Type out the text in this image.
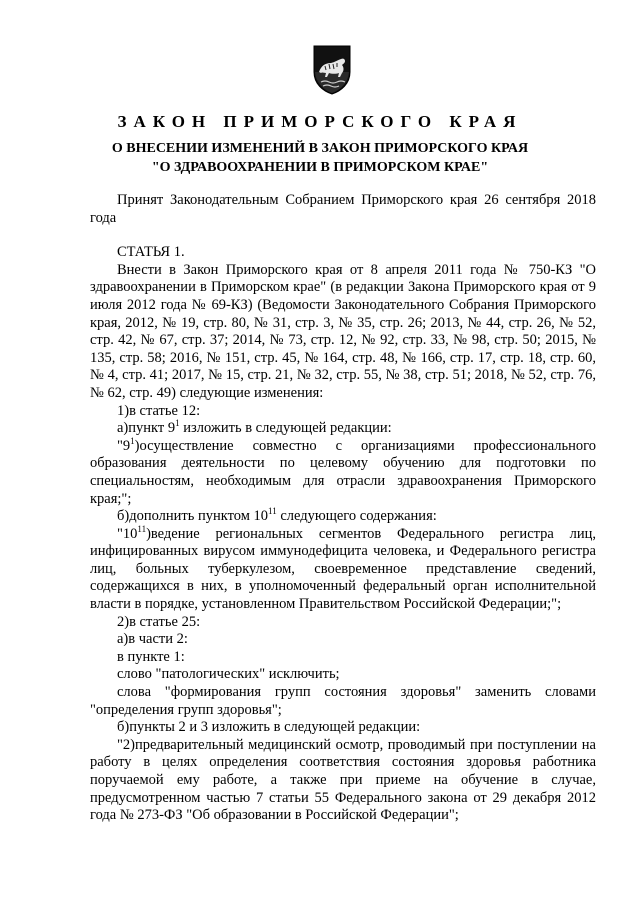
ЗАКОН ПРИМОРСКОГО КРАЯ
О ВНЕСЕНИИ ИЗМЕНЕНИЙ В ЗАКОН ПРИМОРСКОГО КРАЯ
"О ЗДРАВООХРАНЕНИИ В ПРИМОРСКОМ КРАЕ"

Принят Законодательным Собранием Приморского края 26 сентября 2018 года

СТАТЬЯ 1.

Внести в Закон Приморского края от 8 апреля 2011 года № 750-КЗ "О здравоохранении в Приморском крае" (в редакции Закона Приморского края от 9 июля 2012 года № 69-КЗ) (Ведомости Законодательного Собрания Приморского края, 2012, № 19, стр. 80, № 31, стр. 3, № 35, стр. 26; 2013, № 44, стр. 26, № 52, стр. 42, № 67, стр. 37; 2014, № 73, стр. 12, № 92, стр. 33, № 98, стр. 50; 2015, № 135, стр. 58; 2016, № 151, стр. 45, № 164, стр. 48, № 166, стр. 17, стр. 18, стр. 60, № 4, стр. 41; 2017, № 15, стр. 21, № 32, стр. 55, № 38, стр. 51; 2018, № 52, стр. 76, № 62, стр. 49) следующие изменения:

1)в статье 12:

а)пункт $9^1$ изложить в следующей редакции:

"$9^1)осуществление$ совместно с организациями профессионального образования деятельности по целевому обучению для подготовки по специальностям, необходимым для отрасли здравоохранения Приморского края;";

б)дополнить пунктом $10^{11}$ следующего содержания:

"$10^{11})ведение$ региональных сегментов Федерального регистра лиц, инфицированных вирусом иммунодефицита человека, и Федерального регистра лиц, больных туберкулезом, своевременное представление сведений, содержащихся в них, в уполномоченный федеральный орган исполнительной власти в порядке, установленном Правительством Российской Федерации;";

2)в статье 25:

а)в части 2:

в пункте 1:

слово "патологических" исключить;

слова "формирования групп состояния здоровья" заменить словами "определения групп здоровья";

б)пункты 2 и 3 изложить в следующей редакции:

"2)предварительный медицинский осмотр, проводимый при поступлении на работу в целях определения соответствия состояния здоровья работника поручаемой ему работе, а также при приеме на обучение в случае, предусмотренном частью 7 статьи 55 Федерального закона от 29 декабря 2012 года № 273-ФЗ "Об образовании в Российской Федерации";
